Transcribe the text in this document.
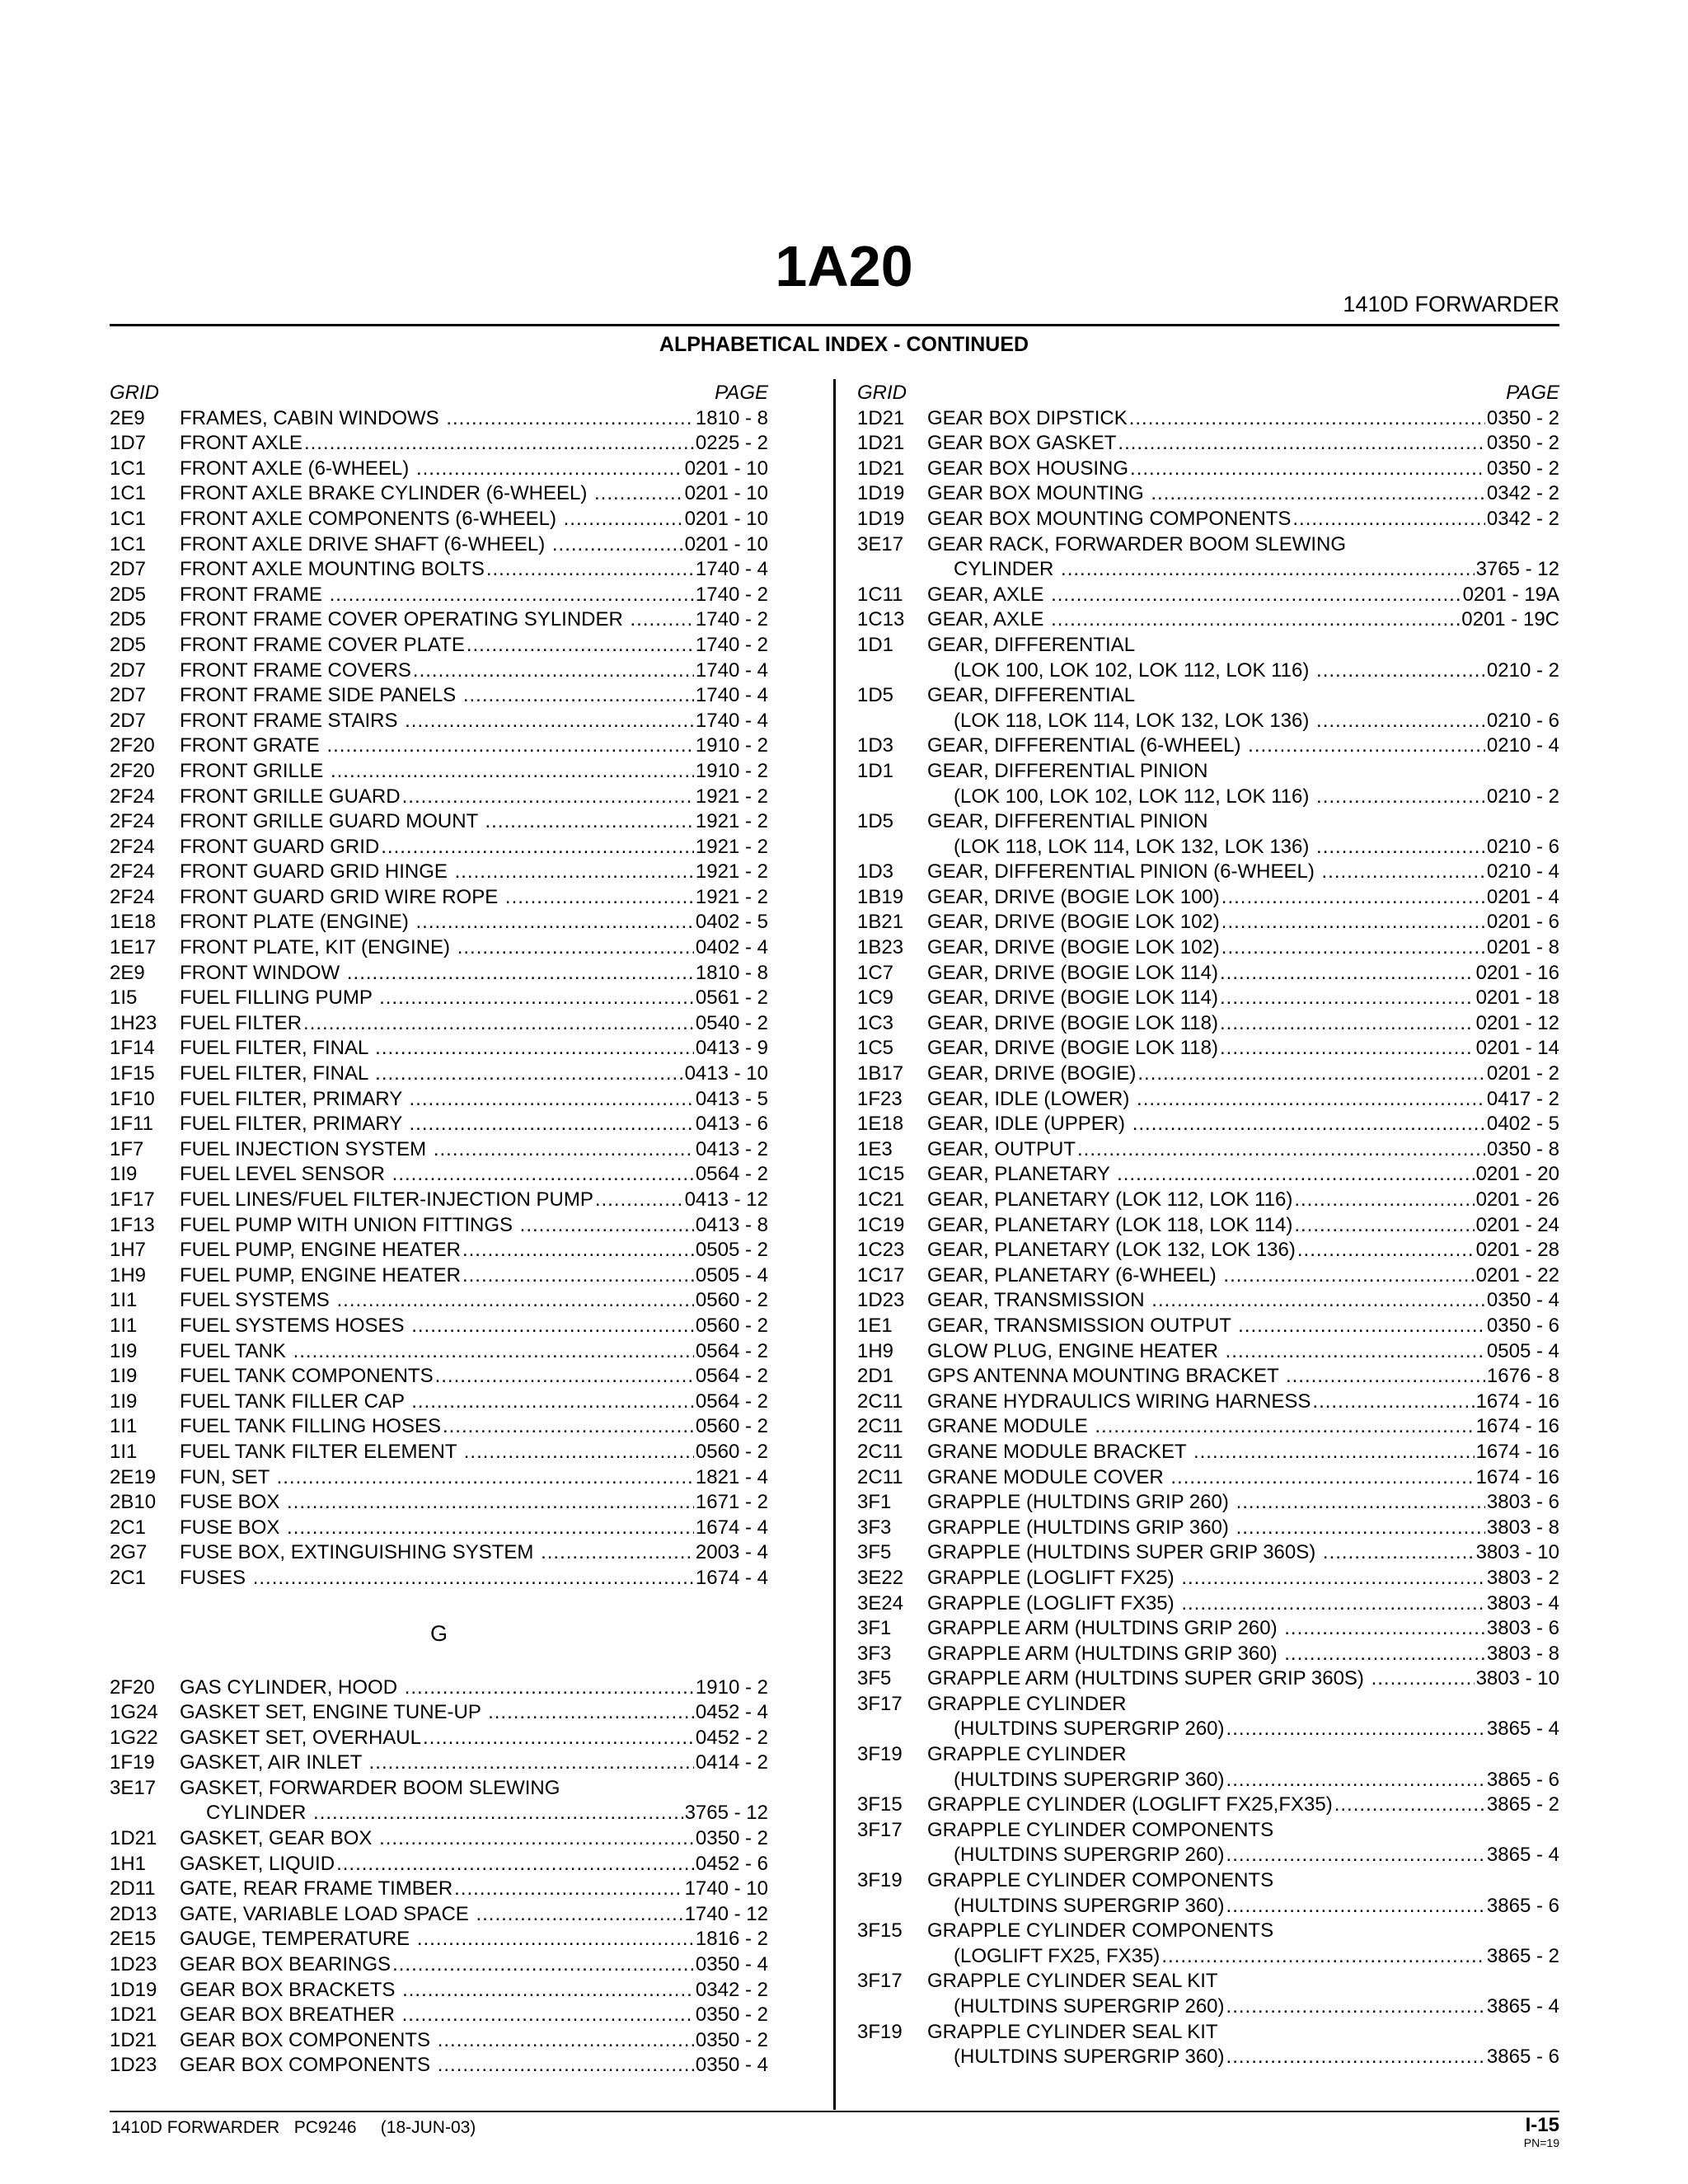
1A20
1410D FORWARDER
ALPHABETICAL INDEX - CONTINUED
GRID	PAGE
2E9	FRAMES, CABIN WINDOWS .....	1810 - 8
1D7	FRONT AXLE .....	0225 - 2
1C1	FRONT AXLE (6-WHEEL) .....	0201 - 10
1C1	FRONT AXLE BRAKE CYLINDER (6-WHEEL) .....	0201 - 10
1C1	FRONT AXLE COMPONENTS (6-WHEEL) .....	0201 - 10
1C1	FRONT AXLE DRIVE SHAFT (6-WHEEL) .....	0201 - 10
2D7	FRONT AXLE MOUNTING BOLTS .....	1740 - 4
2D5	FRONT FRAME .....	1740 - 2
2D5	FRONT FRAME COVER OPERATING SYLINDER .....	1740 - 2
2D5	FRONT FRAME COVER PLATE .....	1740 - 2
2D7	FRONT FRAME COVERS .....	1740 - 4
2D7	FRONT FRAME SIDE PANELS .....	1740 - 4
2D7	FRONT FRAME STAIRS .....	1740 - 4
2F20	FRONT GRATE .....	1910 - 2
2F20	FRONT GRILLE .....	1910 - 2
2F24	FRONT GRILLE GUARD .....	1921 - 2
2F24	FRONT GRILLE GUARD MOUNT .....	1921 - 2
2F24	FRONT GUARD GRID .....	1921 - 2
2F24	FRONT GUARD GRID HINGE .....	1921 - 2
2F24	FRONT GUARD GRID WIRE ROPE .....	1921 - 2
1E18	FRONT PLATE (ENGINE) .....	0402 - 5
1E17	FRONT PLATE, KIT (ENGINE) .....	0402 - 4
2E9	FRONT WINDOW .....	1810 - 8
1I5	FUEL FILLING PUMP .....	0561 - 2
1H23	FUEL FILTER .....	0540 - 2
1F14	FUEL FILTER, FINAL .....	0413 - 9
1F15	FUEL FILTER, FINAL .....	0413 - 10
1F10	FUEL FILTER, PRIMARY .....	0413 - 5
1F11	FUEL FILTER, PRIMARY .....	0413 - 6
1F7	FUEL INJECTION SYSTEM .....	0413 - 2
1I9	FUEL LEVEL SENSOR .....	0564 - 2
1F17	FUEL LINES/FUEL FILTER-INJECTION PUMP .....	0413 - 12
1F13	FUEL PUMP WITH UNION FITTINGS .....	0413 - 8
1H7	FUEL PUMP, ENGINE HEATER .....	0505 - 2
1H9	FUEL PUMP, ENGINE HEATER .....	0505 - 4
1I1	FUEL SYSTEMS .....	0560 - 2
1I1	FUEL SYSTEMS HOSES .....	0560 - 2
1I9	FUEL TANK .....	0564 - 2
1I9	FUEL TANK COMPONENTS .....	0564 - 2
1I9	FUEL TANK FILLER CAP .....	0564 - 2
1I1	FUEL TANK FILLING HOSES .....	0560 - 2
1I1	FUEL TANK FILTER ELEMENT .....	0560 - 2
2E19	FUN, SET .....	1821 - 4
2B10	FUSE BOX .....	1671 - 2
2C1	FUSE BOX .....	1674 - 4
2G7	FUSE BOX, EXTINGUISHING SYSTEM .....	2003 - 4
2C1	FUSES .....	1674 - 4
G
2F20	GAS CYLINDER, HOOD .....	1910 - 2
1G24	GASKET SET, ENGINE TUNE-UP .....	0452 - 4
1G22	GASKET SET, OVERHAUL .....	0452 - 2
1F19	GASKET, AIR INLET .....	0414 - 2
3E17	GASKET, FORWARDER BOOM SLEWING
CYLINDER .....	3765 - 12
1D21	GASKET, GEAR BOX .....	0350 - 2
1H1	GASKET, LIQUID .....	0452 - 6
2D11	GATE, REAR FRAME TIMBER .....	1740 - 10
2D13	GATE, VARIABLE LOAD SPACE .....	1740 - 12
2E15	GAUGE, TEMPERATURE .....	1816 - 2
1D23	GEAR BOX BEARINGS .....	0350 - 4
1D19	GEAR BOX BRACKETS .....	0342 - 2
1D21	GEAR BOX BREATHER .....	0350 - 2
1D21	GEAR BOX COMPONENTS .....	0350 - 2
1D23	GEAR BOX COMPONENTS .....	0350 - 4
GRID	PAGE
1D21	GEAR BOX DIPSTICK .....	0350 - 2
1D21	GEAR BOX GASKET .....	0350 - 2
1D21	GEAR BOX HOUSING .....	0350 - 2
1D19	GEAR BOX MOUNTING .....	0342 - 2
1D19	GEAR BOX MOUNTING COMPONENTS .....	0342 - 2
3E17	GEAR RACK, FORWARDER BOOM SLEWING
CYLINDER .....	3765 - 12
1C11	GEAR, AXLE .....	0201 - 19A
1C13	GEAR, AXLE .....	0201 - 19C
1D1	GEAR, DIFFERENTIAL
(LOK 100, LOK 102, LOK 112, LOK 116) .....	0210 - 2
1D5	GEAR, DIFFERENTIAL
(LOK 118, LOK 114, LOK 132, LOK 136) .....	0210 - 6
1D3	GEAR, DIFFERENTIAL (6-WHEEL) .....	0210 - 4
1D1	GEAR, DIFFERENTIAL PINION
(LOK 100, LOK 102, LOK 112, LOK 116) .....	0210 - 2
1D5	GEAR, DIFFERENTIAL PINION
(LOK 118, LOK 114, LOK 132, LOK 136) .....	0210 - 6
1D3	GEAR, DIFFERENTIAL PINION (6-WHEEL) .....	0210 - 4
1B19	GEAR, DRIVE (BOGIE LOK 100) .....	0201 - 4
1B21	GEAR, DRIVE (BOGIE LOK 102) .....	0201 - 6
1B23	GEAR, DRIVE (BOGIE LOK 102) .....	0201 - 8
1C7	GEAR, DRIVE (BOGIE LOK 114) .....	0201 - 16
1C9	GEAR, DRIVE (BOGIE LOK 114) .....	0201 - 18
1C3	GEAR, DRIVE (BOGIE LOK 118) .....	0201 - 12
1C5	GEAR, DRIVE (BOGIE LOK 118) .....	0201 - 14
1B17	GEAR, DRIVE (BOGIE) .....	0201 - 2
1F23	GEAR, IDLE (LOWER) .....	0417 - 2
1E18	GEAR, IDLE (UPPER) .....	0402 - 5
1E3	GEAR, OUTPUT .....	0350 - 8
1C15	GEAR, PLANETARY .....	0201 - 20
1C21	GEAR, PLANETARY (LOK 112, LOK 116) .....	0201 - 26
1C19	GEAR, PLANETARY (LOK 118, LOK 114) .....	0201 - 24
1C23	GEAR, PLANETARY (LOK 132, LOK 136) .....	0201 - 28
1C17	GEAR, PLANETARY (6-WHEEL) .....	0201 - 22
1D23	GEAR, TRANSMISSION .....	0350 - 4
1E1	GEAR, TRANSMISSION OUTPUT .....	0350 - 6
1H9	GLOW PLUG, ENGINE HEATER .....	0505 - 4
2D1	GPS ANTENNA MOUNTING BRACKET .....	1676 - 8
2C11	GRANE HYDRAULICS WIRING HARNESS .....	1674 - 16
2C11	GRANE MODULE .....	1674 - 16
2C11	GRANE MODULE BRACKET .....	1674 - 16
2C11	GRANE MODULE COVER .....	1674 - 16
3F1	GRAPPLE (HULTDINS GRIP 260) .....	3803 - 6
3F3	GRAPPLE (HULTDINS GRIP 360) .....	3803 - 8
3F5	GRAPPLE (HULTDINS SUPER GRIP 360S) .....	3803 - 10
3E22	GRAPPLE (LOGLIFT FX25) .....	3803 - 2
3E24	GRAPPLE (LOGLIFT FX35) .....	3803 - 4
3F1	GRAPPLE ARM (HULTDINS GRIP 260) .....	3803 - 6
3F3	GRAPPLE ARM (HULTDINS GRIP 360) .....	3803 - 8
3F5	GRAPPLE ARM (HULTDINS SUPER GRIP 360S) .....	3803 - 10
3F17	GRAPPLE CYLINDER
(HULTDINS SUPERGRIP 260) .....	3865 - 4
3F19	GRAPPLE CYLINDER
(HULTDINS SUPERGRIP 360) .....	3865 - 6
3F15	GRAPPLE CYLINDER (LOGLIFT FX25,FX35) .....	3865 - 2
3F17	GRAPPLE CYLINDER COMPONENTS
(HULTDINS SUPERGRIP 260) .....	3865 - 4
3F19	GRAPPLE CYLINDER COMPONENTS
(HULTDINS SUPERGRIP 360) .....	3865 - 6
3F15	GRAPPLE CYLINDER COMPONENTS
(LOGLIFT FX25, FX35) .....	3865 - 2
3F17	GRAPPLE CYLINDER SEAL KIT
(HULTDINS SUPERGRIP 260) .....	3865 - 4
3F19	GRAPPLE CYLINDER SEAL KIT
(HULTDINS SUPERGRIP 360) .....	3865 - 6
1410D FORWARDER   PC9246     (18-JUN-03)	I-15
PN=19
